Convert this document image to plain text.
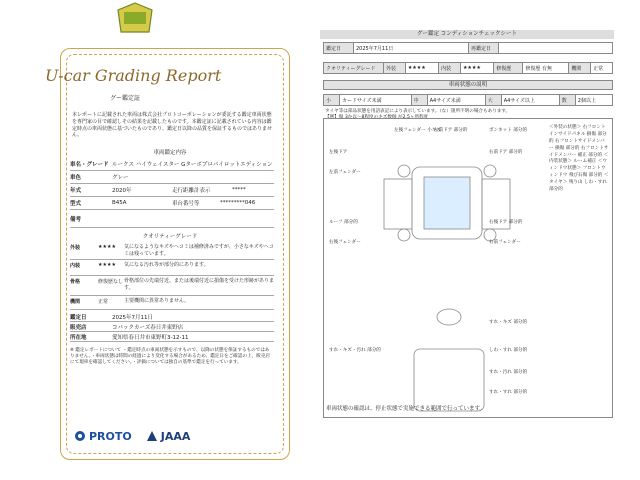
グー鑑定
U-car Grading Report
グー鑑定証
本レポートに記載された車両は株式会社プロトコーポレーションが委託する鑑定車両状態を専門家の目で確認しその結果を記載したものです。本鑑定証に記載されている内容は鑑定時点の車両状態に基づいたものであり、鑑定日以降の品質を保証するものではありません。
車両鑑定内容
車名・グレード ルークス ハイウェイスター Gターボプロパイロットエディション
車色	グレー
年式	2020年	走行距離計表示	*****
型式	B45A	車台番号等	*********046
備考
クオリティーグレード
外装	★★★★	気になるようなキズやヘコミは補修済みですが、小さなキズやヘコミは残っています。
内装	★★★★	気になる汚れ等が部分的にあります。
骨格	修復歴なし 骨格部位の先端付近、または後端付近に損傷を受けた形跡があります。
機関	正常	主要機関に異常ありません。
鑑定日	2025年7月11日
販売店	コバックカーズ春日井東野店
所在地	愛知県春日井市東野町3-12-11
※ 鑑定レポートについて ・鑑定時点の車両状態を示すもので、以降の状態を保証するものではありません。・車両状態は時間の経過により変化する場合があるため、鑑定日をご確認の上、販売店にて現車を確認してください。・評価については独自の基準で鑑定を行っています。
PROTO	JAAA
グー鑑定 コンディションチェックシート
鑑定日	2025年7月11日	再鑑定日	
クオリティーグレード	外装	★★★★	内装	★★★★	修復歴	修復歴 有無	機関	正常
車両状態の説明
小	カードサイズ未満	中	A4サイズ未満	大	A4サイズ以上	数	2個以上
タイヤ等は部品状態を用語表記により表示しています。（な）箇所不明の場合もあります。
【例】傷 3か以～8程度のキズ数個 が2.5ヶ所程度
左後フェンダー 小キズ
左前ドア 部分的
左後ドア
左前フェンダー
ボンネット 部分的
右前ドア 部分的
右後ドア 部分的
右前フェンダー
ルーフ 部分的
右後フェンダー
すれ・キズ 部分的
しわ・すれ 部分的
すれ・キズ・汚れ 部分的
すれ・汚れ 部分的
すれ・すれ 部分的
＜外装の状態＞ 右フロントインサイドパネル 損傷 部分的 右フロントサイドメンバー 損傷 部分的 右フロントサイドメンバー 補正 部分的 ＜内装状態＞ ルーム補正 ＜ウィンドウ状態＞ フロントウィンドウ 飛び石傷 部分的 ＜タイヤ＞ 残り山 しわ・すれ 部分的
車両状態の確認は、停止状態で実施できる範囲で行っています。
